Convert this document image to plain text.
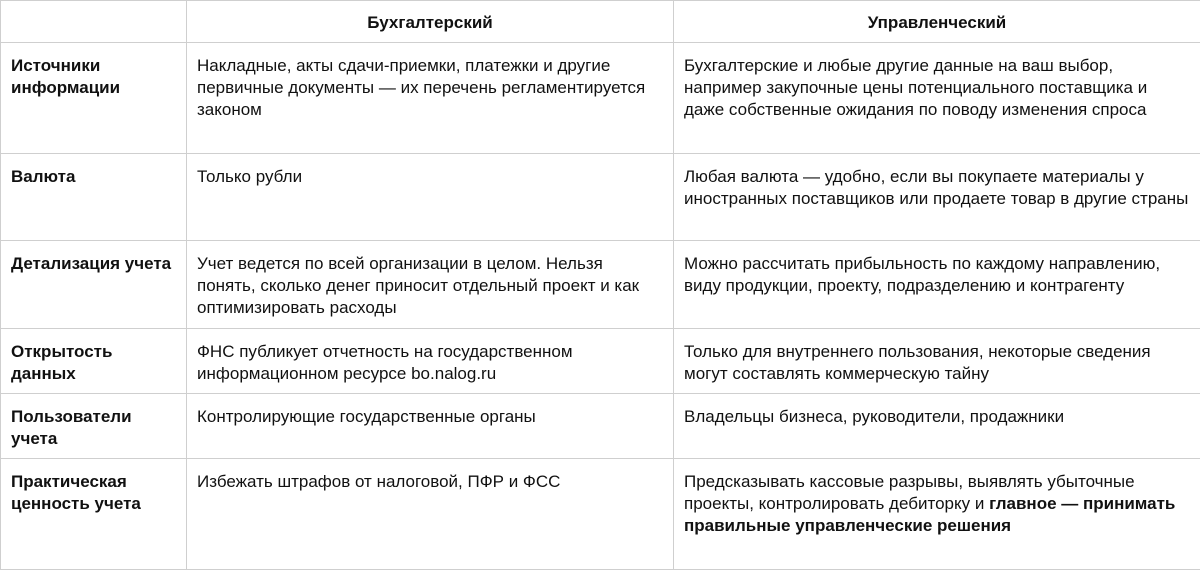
	Бухгалтерский	Управленческий
Источники информации	Накладные, акты сдачи-приемки, платежки и другие первичные документы — их перечень регламентируется законом	Бухгалтерские и любые другие данные на ваш выбор, например закупочные цены потенциального поставщика и даже собственные ожидания по поводу изменения спроса
Валюта	Только рубли	Любая валюта — удобно, если вы покупаете материалы у иностранных поставщиков или продаете товар в другие страны
Детализация учета	Учет ведется по всей организации в целом. Нельзя понять, сколько денег приносит отдельный проект и как оптимизировать расходы	Можно рассчитать прибыльность по каждому направлению, виду продукции, проекту, подразделению и контрагенту
Открытость данных	ФНС публикует отчетность на государственном информационном ресурсе bo.nalog.ru	Только для внутреннего пользования, некоторые сведения могут составлять коммерческую тайну
Пользователи учета	Контролирующие государственные органы	Владельцы бизнеса, руководители, продажники
Практическая ценность учета	Избежать штрафов от налоговой, ПФР и ФСС	Предсказывать кассовые разрывы, выявлять убыточные проекты, контролировать дебиторку и главное — принимать правильные управленческие решения
